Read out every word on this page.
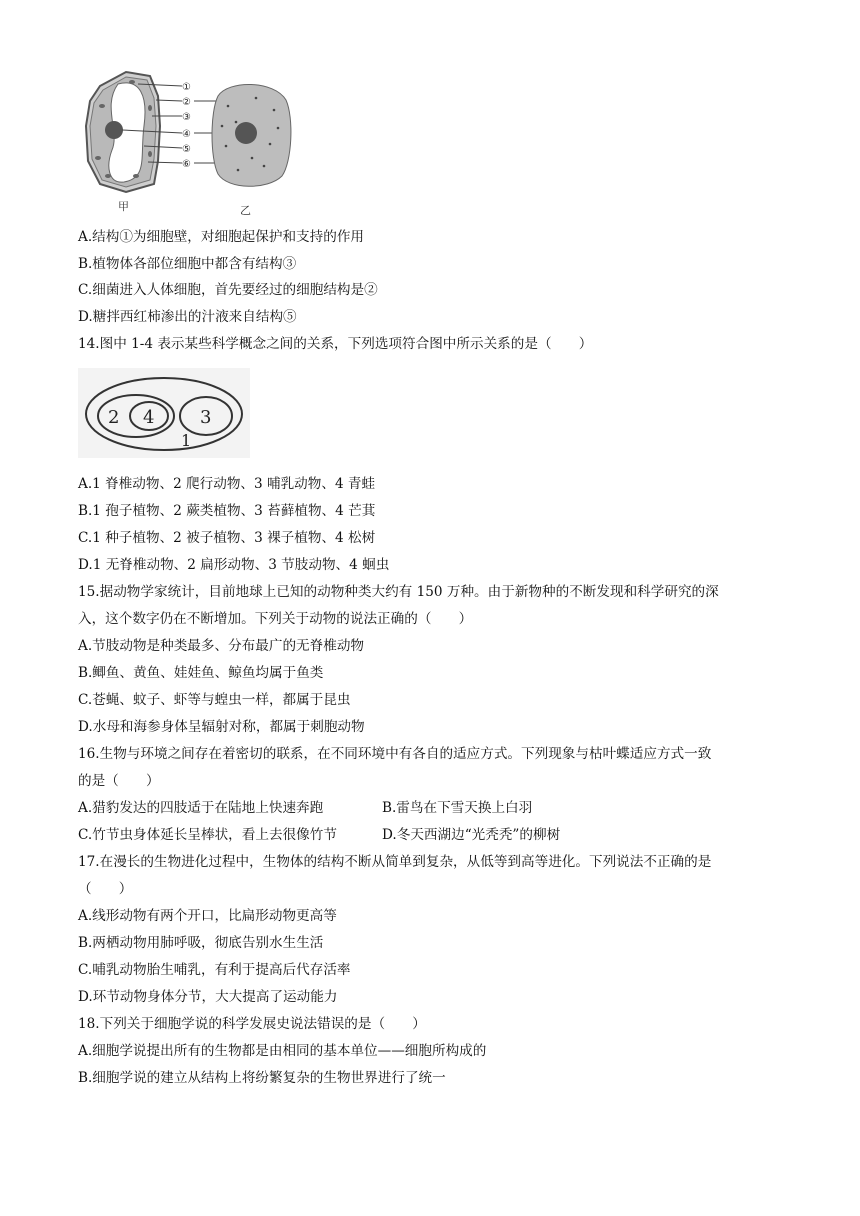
①
②
③
④
⑤
⑥
甲	乙
A.结构①为细胞壁，对细胞起保护和支持的作用
B.植物体各部位细胞中都含有结构③
C.细菌进入人体细胞，首先要经过的细胞结构是②
D.糖拌西红柿渗出的汁液来自结构⑤
14.图中 1-4 表示某些科学概念之间的关系，下列选项符合图中所示关系的是（　　）
2 4	3
1
A.1 脊椎动物、2 爬行动物、3 哺乳动物、4 青蛙
B.1 孢子植物、2 蕨类植物、3 苔藓植物、4 芒萁
C.1 种子植物、2 被子植物、3 裸子植物、4 松树
D.1 无脊椎动物、2 扁形动物、3 节肢动物、4 蛔虫
15.据动物学家统计，目前地球上已知的动物种类大约有 150 万种。由于新物种的不断发现和科学研究的深
入，这个数字仍在不断增加。下列关于动物的说法正确的（　　）
A.节肢动物是种类最多、分布最广的无脊椎动物
B.鲫鱼、黄鱼、娃娃鱼、鲸鱼均属于鱼类
C.苍蝇、蚊子、虾等与蝗虫一样，都属于昆虫
D.水母和海参身体呈辐射对称，都属于刺胞动物
16.生物与环境之间存在着密切的联系，在不同环境中有各自的适应方式。下列现象与枯叶蝶适应方式一致
的是（　　）
A.猎豹发达的四肢适于在陆地上快速奔跑	B.雷鸟在下雪天换上白羽
C.竹节虫身体延长呈棒状，看上去很像竹节	D.冬天西湖边“光秃秃”的柳树
17.在漫长的生物进化过程中，生物体的结构不断从简单到复杂，从低等到高等进化。下列说法不正确的是
（　　）
A.线形动物有两个开口，比扁形动物更高等
B.两栖动物用肺呼吸，彻底告别水生生活
C.哺乳动物胎生哺乳，有利于提高后代存活率
D.环节动物身体分节，大大提高了运动能力
18.下列关于细胞学说的科学发展史说法错误的是（　　）
A.细胞学说提出所有的生物都是由相同的基本单位——细胞所构成的
B.细胞学说的建立从结构上将纷繁复杂的生物世界进行了统一
